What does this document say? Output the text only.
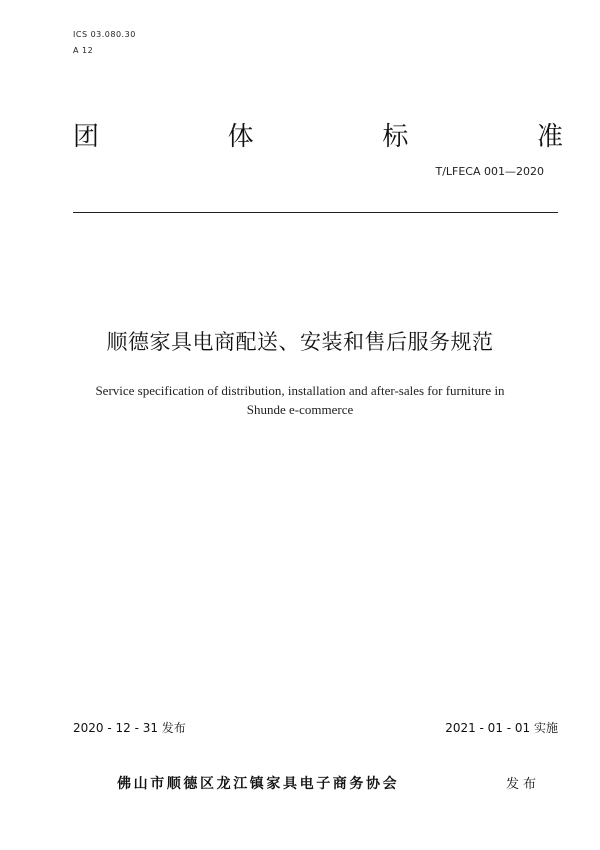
ICS 03.080.30
A 12
团	体	标	准
T/LFECA 001—2020
顺德家具电商配送、安装和售后服务规范
Service specification of distribution, installation and after-sales for furniture in
Shunde e-commerce
2020 - 12 - 31 发布	2021 - 01 - 01 实施
佛山市顺德区龙江镇家具电子商务协会	发布
